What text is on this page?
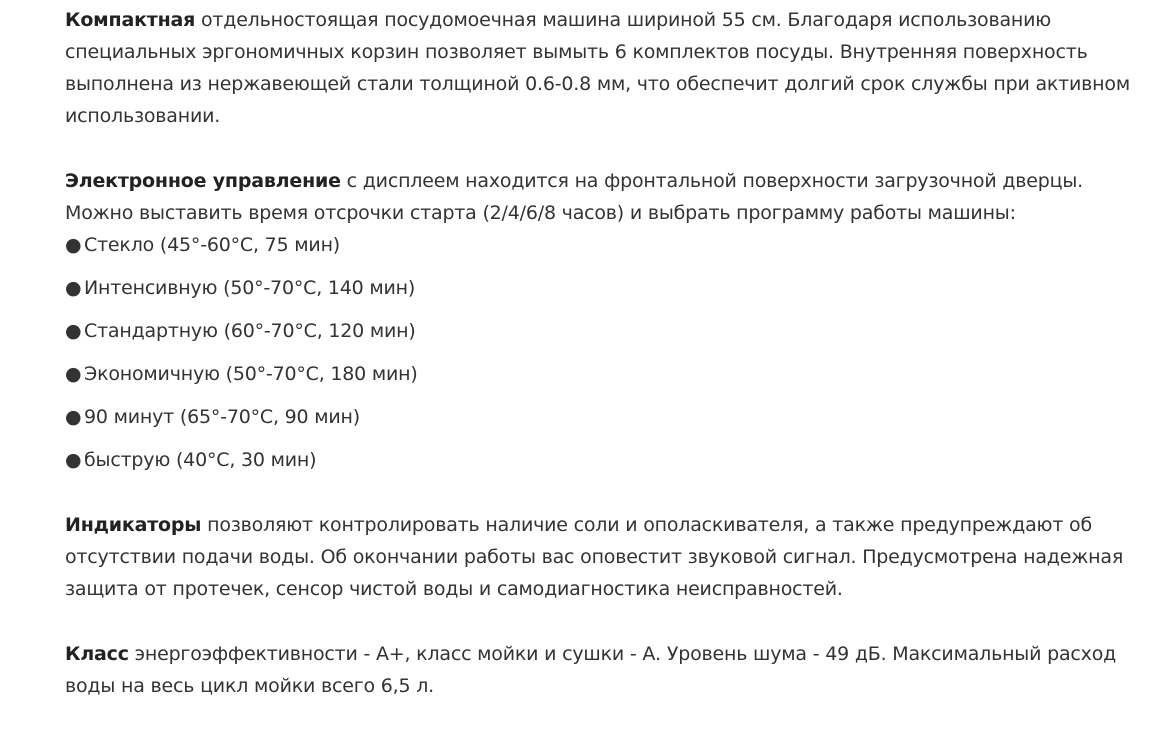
Компактная отдельностоящая посудомоечная машина шириной 55 см. Благодаря использованию специальных эргономичных корзин позволяет вымыть 6 комплектов посуды. Внутренняя поверхность выполнена из нержавеющей стали толщиной 0.6-0.8 мм, что обеспечит долгий срок службы при активном использовании.

Электронное управление с дисплеем находится на фронтальной поверхности загрузочной дверцы. Можно выставить время отсрочки старта (2/4/6/8 часов) и выбрать программу работы машины:

● Стекло (45°-60°С, 75 мин)
● Интенсивную (50°-70°С, 140 мин)
● Стандартную (60°-70°С, 120 мин)
● Экономичную (50°-70°С, 180 мин)
● 90 минут (65°-70°С, 90 мин)
● быструю (40°С, 30 мин)

Индикаторы позволяют контролировать наличие соли и ополаскивателя, а также предупреждают об отсутствии подачи воды. Об окончании работы вас оповестит звуковой сигнал. Предусмотрена надежная защита от протечек, сенсор чистой воды и самодиагностика неисправностей.

Класс энергоэффективности - А+, класс мойки и сушки - А. Уровень шума - 49 дБ. Максимальный расход воды на весь цикл мойки всего 6,5 л.
